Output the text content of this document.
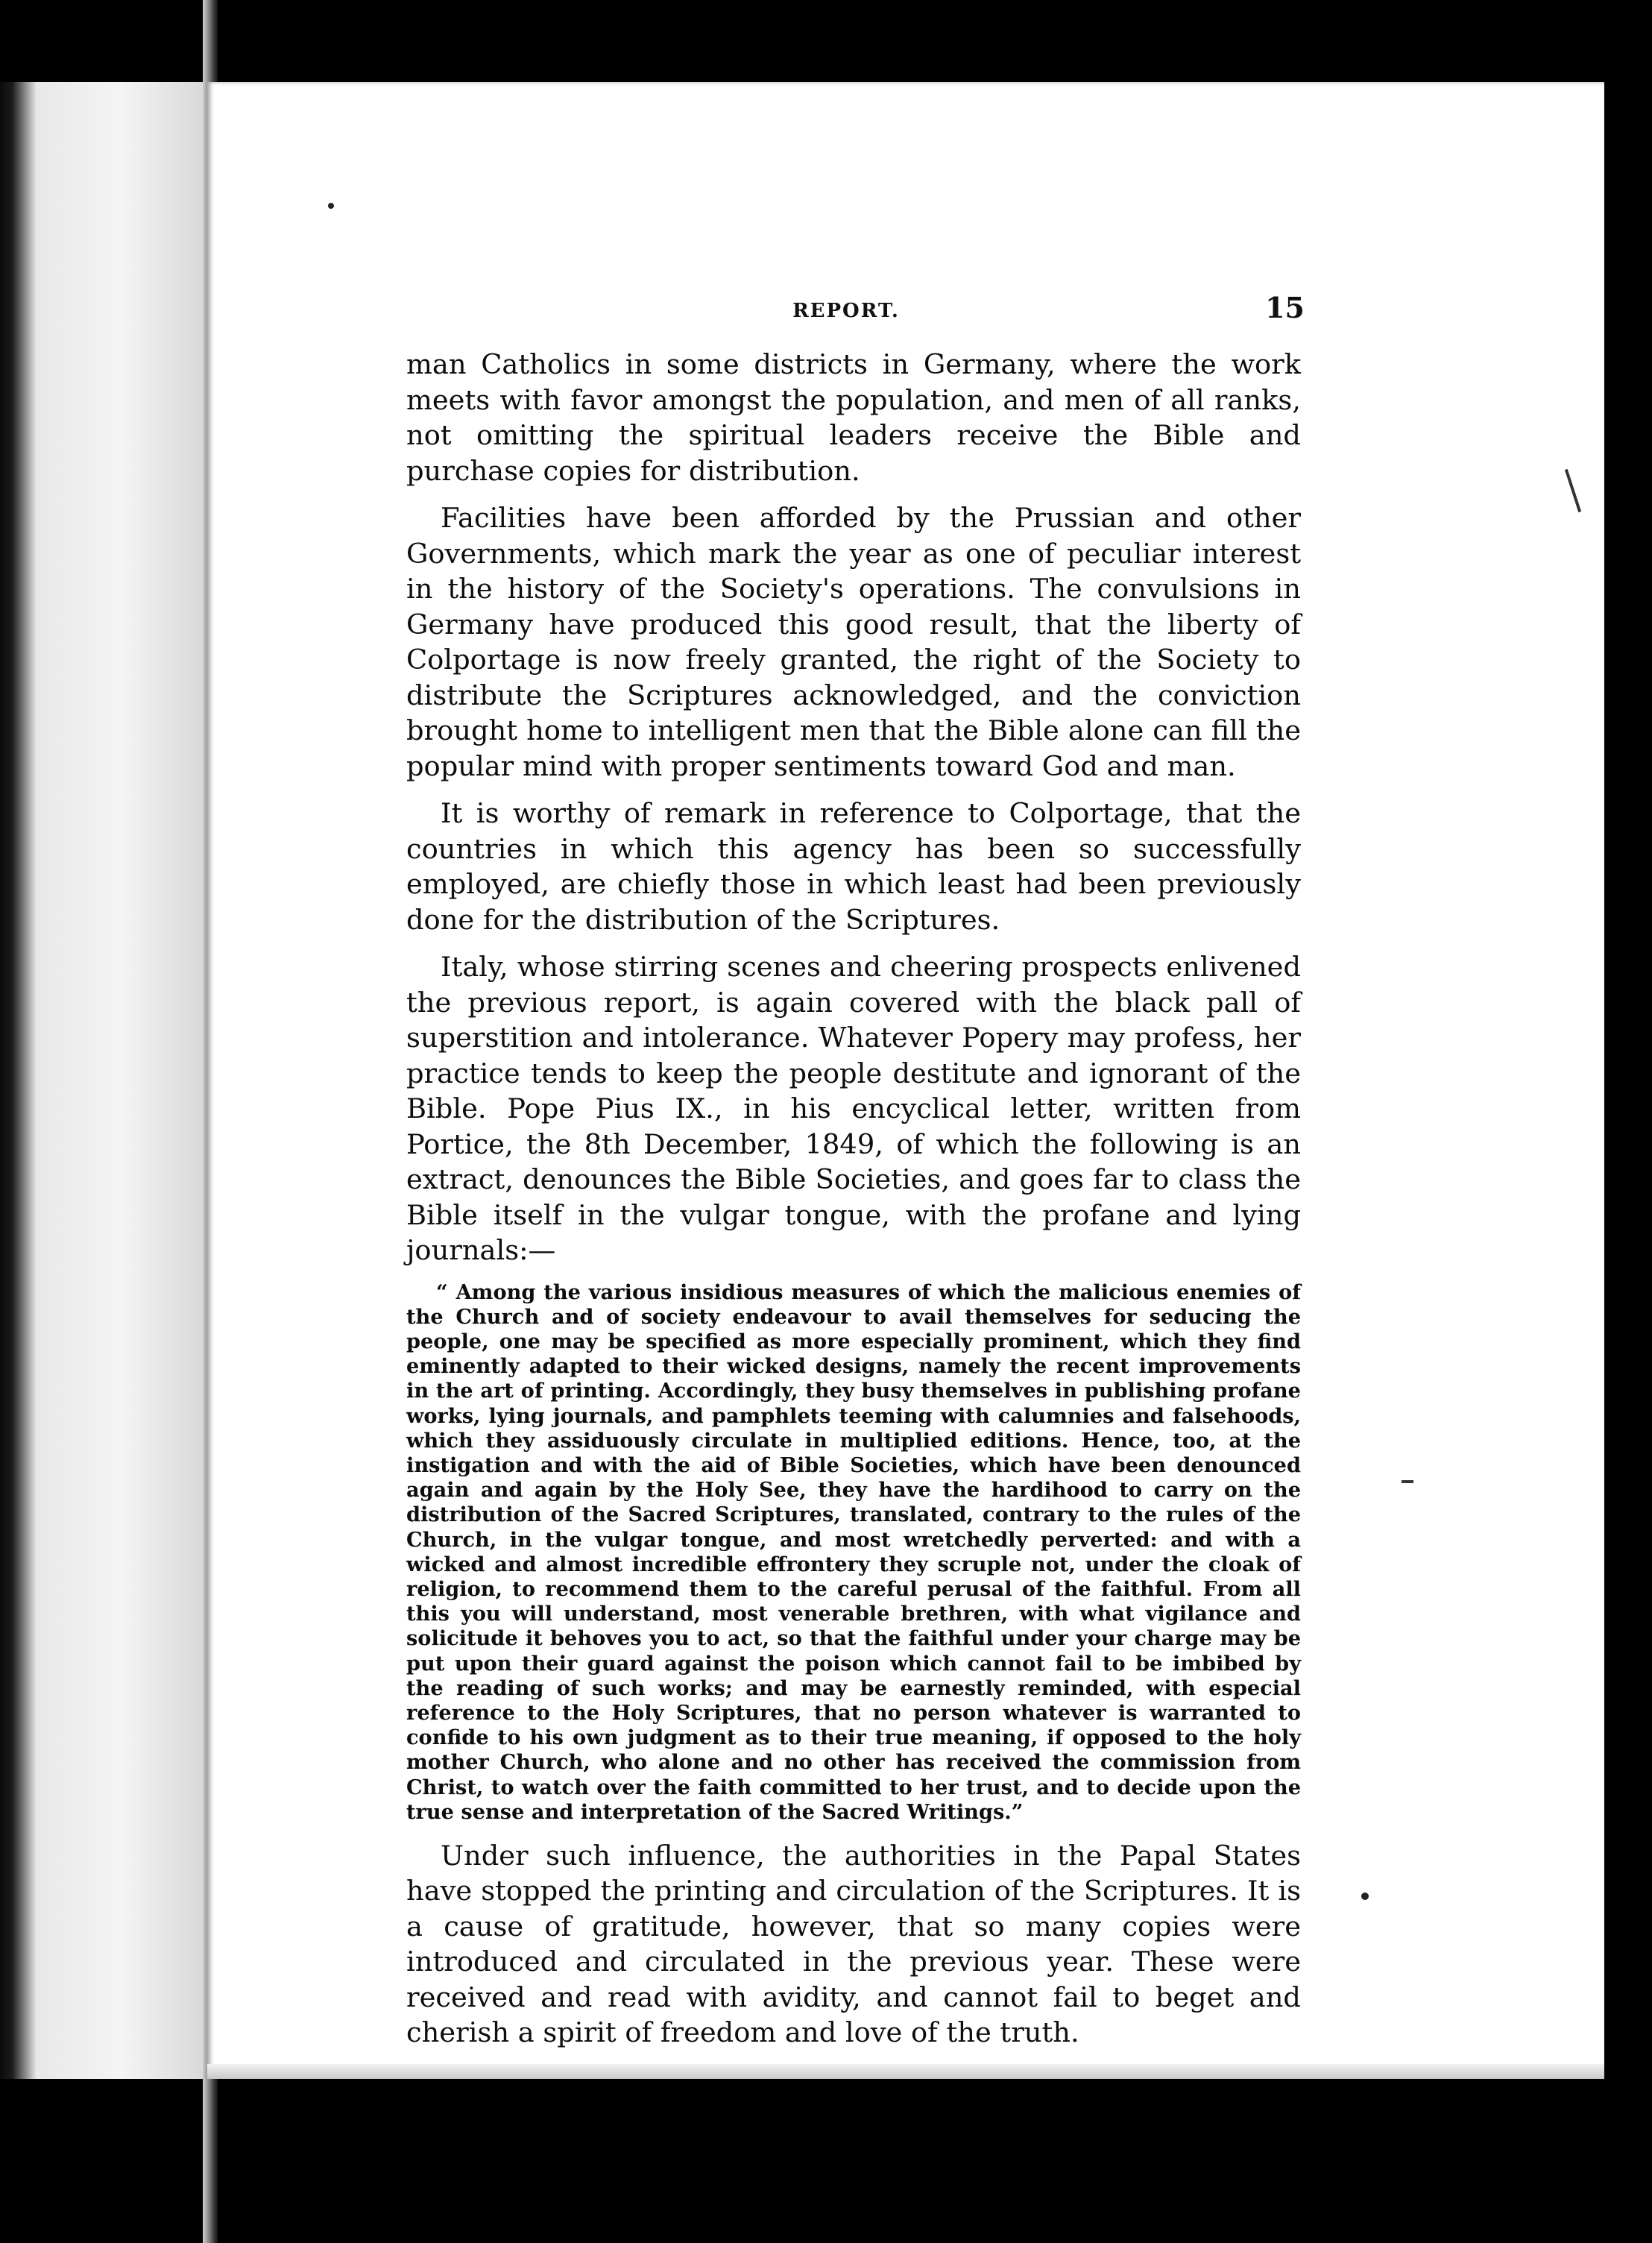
REPORT.	15

man Catholics in some districts in Germany, where the work meets with favor amongst the population, and men of all ranks, not omitting the spiritual leaders receive the Bible and purchase copies for distribution.

Facilities have been afforded by the Prussian and other Governments, which mark the year as one of peculiar interest in the history of the Society's operations. The convulsions in Germany have produced this good result, that the liberty of Colportage is now freely granted, the right of the Society to distribute the Scriptures acknowledged, and the conviction brought home to intelligent men that the Bible alone can fill the popular mind with proper sentiments toward God and man.

It is worthy of remark in reference to Colportage, that the countries in which this agency has been so successfully employed, are chiefly those in which least had been previously done for the distribution of the Scriptures.

Italy, whose stirring scenes and cheering prospects enlivened the previous report, is again covered with the black pall of superstition and intolerance. Whatever Popery may profess, her practice tends to keep the people destitute and ignorant of the Bible. Pope Pius IX., in his encyclical letter, written from Portice, the 8th December, 1849, of which the following is an extract, denounces the Bible Societies, and goes far to class the Bible itself in the vulgar tongue, with the profane and lying journals:—

“ Among the various insidious measures of which the malicious enemies of the Church and of society endeavour to avail themselves for seducing the people, one may be specified as more especially prominent, which they find eminently adapted to their wicked designs, namely the recent improvements in the art of printing. Accordingly, they busy themselves in publishing profane works, lying journals, and pamphlets teeming with calumnies and falsehoods, which they assiduously circulate in multiplied editions. Hence, too, at the instigation and with the aid of Bible Societies, which have been denounced again and again by the Holy See, they have the hardihood to carry on the distribution of the Sacred Scriptures, translated, contrary to the rules of the Church, in the vulgar tongue, and most wretchedly perverted: and with a wicked and almost incredible effrontery they scruple not, under the cloak of religion, to recommend them to the careful perusal of the faithful. From all this you will understand, most venerable brethren, with what vigilance and solicitude it behoves you to act, so that the faithful under your charge may be put upon their guard against the poison which cannot fail to be imbibed by the reading of such works; and may be earnestly reminded, with especial reference to the Holy Scriptures, that no person whatever is warranted to confide to his own judgment as to their true meaning, if opposed to the holy mother Church, who alone and no other has received the commission from Christ, to watch over the faith committed to her trust, and to decide upon the true sense and interpretation of the Sacred Writings.”

Under such influence, the authorities in the Papal States have stopped the printing and circulation of the Scriptures. It is a cause of gratitude, however, that so many copies were introduced and circulated in the previous year. These were received and read with avidity, and cannot fail to beget and cherish a spirit of freedom and love of the truth.
